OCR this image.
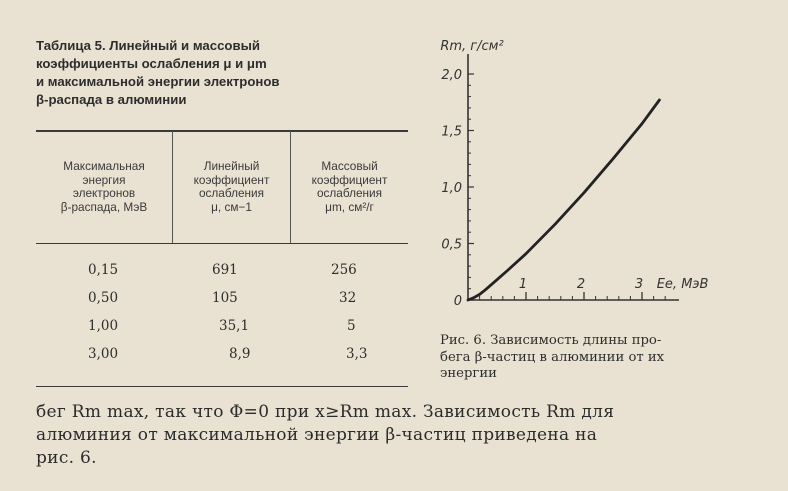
Таблица 5. Линейный и массовый
коэффициенты ослабления μ и μm
и максимальной энергии электронов
β-распада в алюминии
Максимальная
энергия
электронов
β-распада, МэВ
Линейный
коэффициент
ослабления
μ, см−1
Массовый
коэффициент
ослабления
μm, см²/г
0,15	691	256
0,50	105	32
1,00	35,1	5
3,00	8,9	3,3
0
0,5
1,0
1,5
2,0
1	2	3
Rm, г/см²
Ee, МэВ
Рис. 6. Зависимость длины про-
бега β-частиц в алюминии от их
энергии
бег Rm max, так что Φ=0 при x≥Rm max. Зависимость Rm для
алюминия от максимальной энергии β-частиц приведена на
рис. 6.
